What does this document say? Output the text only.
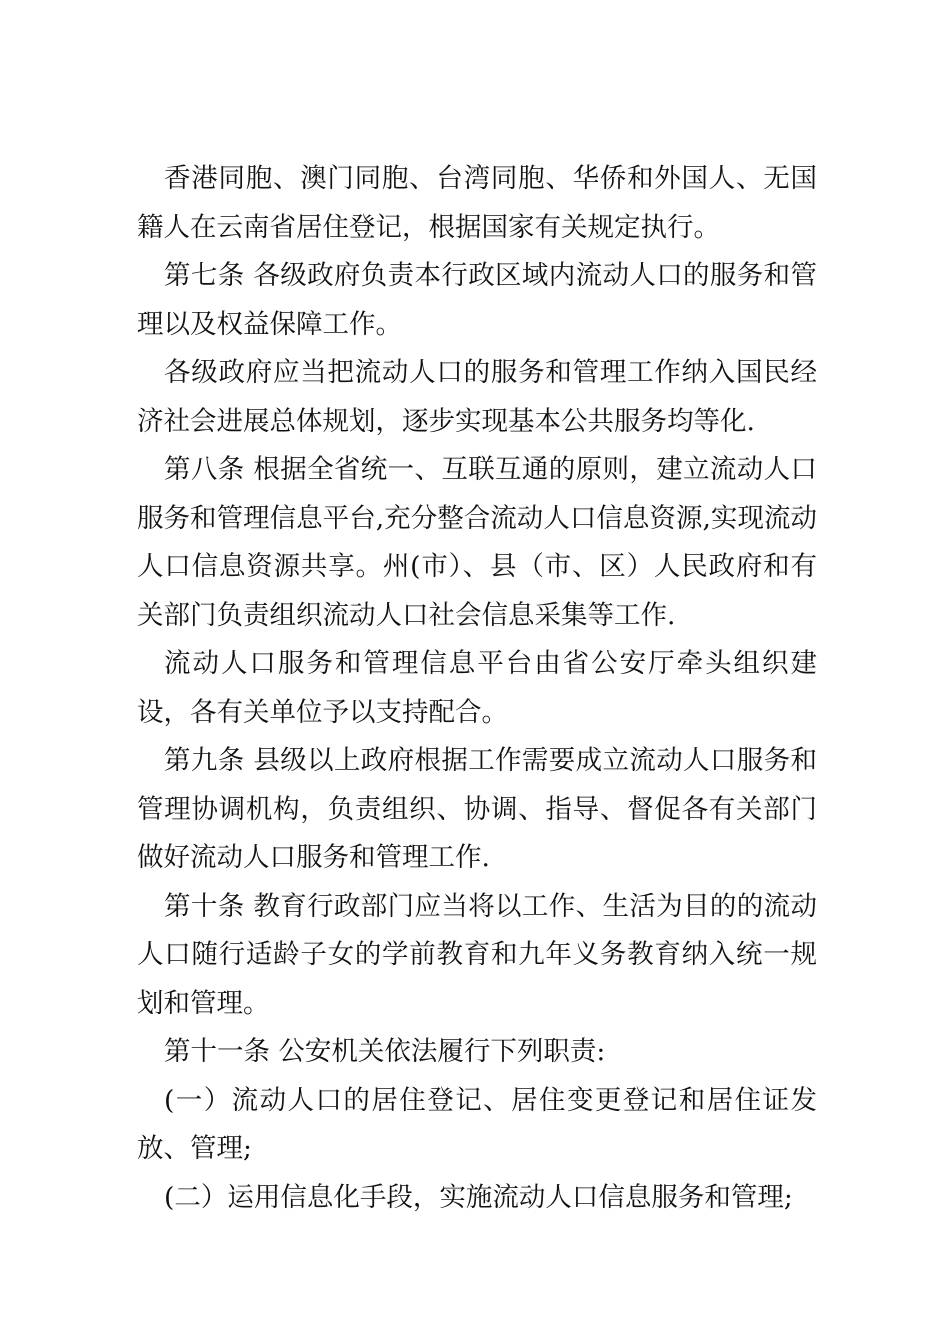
香港同胞、澳门同胞、台湾同胞、华侨和外国人、无国籍人在云南省居住登记，根据国家有关规定执行。

第七条 各级政府负责本行政区域内流动人口的服务和管理以及权益保障工作。

各级政府应当把流动人口的服务和管理工作纳入国民经济社会进展总体规划，逐步实现基本公共服务均等化.

第八条 根据全省统一、互联互通的原则，建立流动人口服务和管理信息平台,充分整合流动人口信息资源,实现流动人口信息资源共享。州(市）、县（市、区）人民政府和有关部门负责组织流动人口社会信息采集等工作.

流动人口服务和管理信息平台由省公安厅牵头组织建设，各有关单位予以支持配合。

第九条 县级以上政府根据工作需要成立流动人口服务和管理协调机构，负责组织、协调、指导、督促各有关部门做好流动人口服务和管理工作.

第十条 教育行政部门应当将以工作、生活为目的的流动人口随行适龄子女的学前教育和九年义务教育纳入统一规划和管理。

第十一条 公安机关依法履行下列职责:

(一）流动人口的居住登记、居住变更登记和居住证发放、管理;

(二）运用信息化手段，实施流动人口信息服务和管理;
